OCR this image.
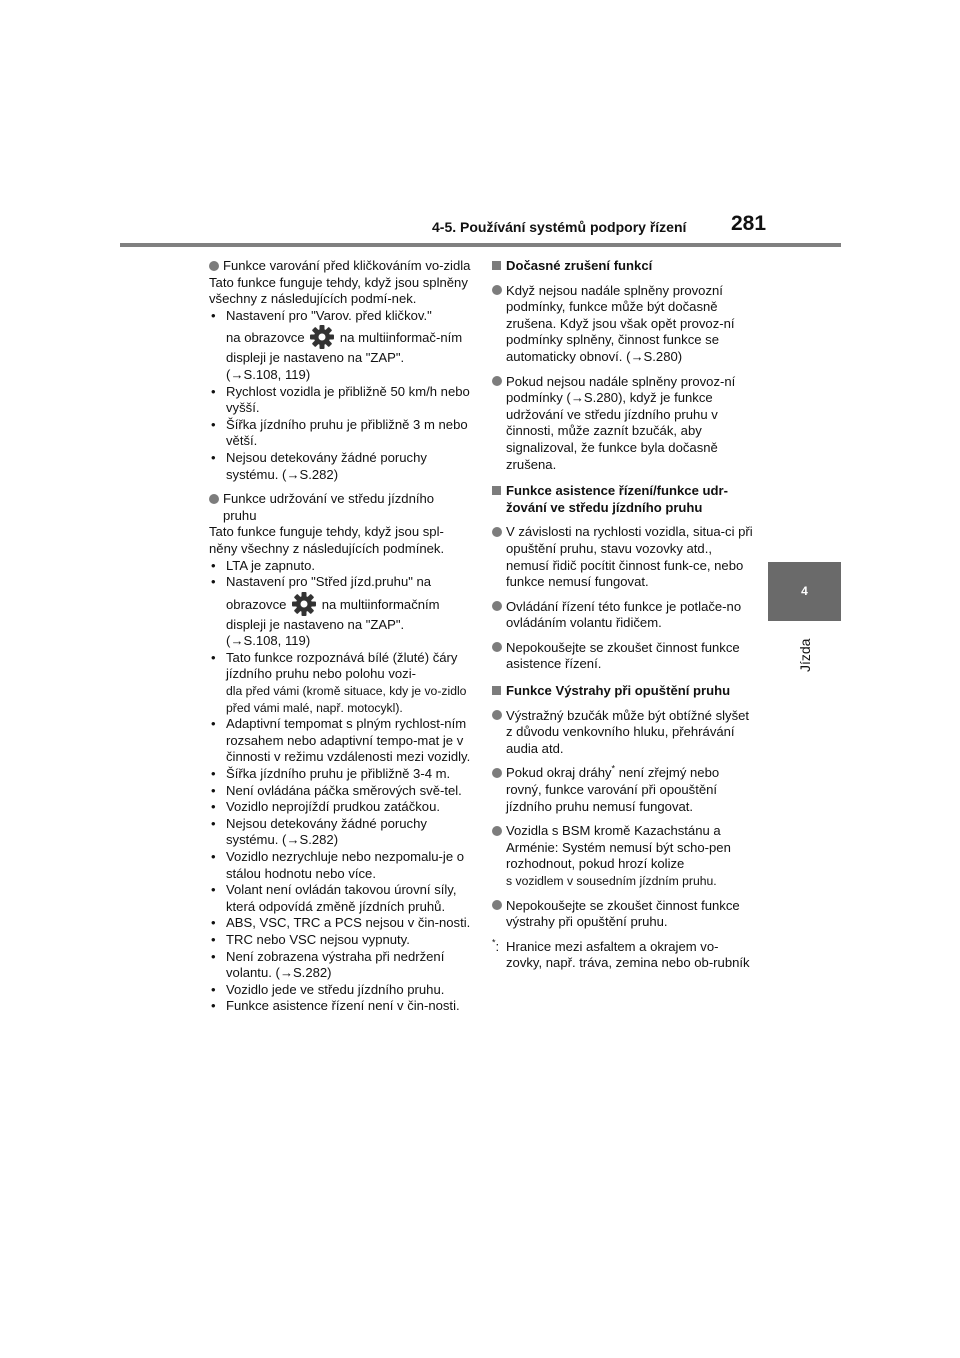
4-5. Používání systémů podpory řízení 281
4
Jízda
Funkce varování před kličkováním vo-zidla

Tato funkce funguje tehdy, když jsou splněny všechny z následujících podmí-nek.

• Nastavení pro "Varov. před kličkov."
na obrazovce	na multiinformač-ním displeji je nastaveno na "ZAP".
(→S.108, 119)
• Rychlost vozidla je přibližně 50 km/h nebo vyšší.
• Šířka jízdního pruhu je přibližně 3 m nebo větší.
• Nejsou detekovány žádné poruchy systému. (→S.282)
Funkce udržování ve středu jízdního pruhu

Tato funkce funguje tehdy, když jsou spl-něny všechny z následujících podmínek.

• LTA je zapnuto.
• Nastavení pro "Střed jízd.pruhu" na
obrazovce	na multiinformačním displeji je nastaveno na "ZAP".
(→S.108, 119)
• Tato funkce rozpoznává bílé (žluté) čáry jízdního pruhu nebo polohu vozi-
dla před vámi (kromě situace, kdy je vo-zidlo před vámi malé, např. motocykl).
• Adaptivní tempomat s plným rychlost-ním rozsahem nebo adaptivní tempo-mat je v činnosti v režimu vzdálenosti mezi vozidly.
• Šířka jízdního pruhu je přibližně 3-4 m.
• Není ovládána páčka směrových svě-tel.
• Vozidlo neprojíždí prudkou zatáčkou.
• Nejsou detekovány žádné poruchy systému. (→S.282)
• Vozidlo nezrychluje nebo nezpomalu-je o stálou hodnotu nebo více.
• Volant není ovládán takovou úrovní síly, která odpovídá změně jízdních pruhů.
• ABS, VSC, TRC a PCS nejsou v čin-nosti.
• TRC nebo VSC nejsou vypnuty.
• Není zobrazena výstraha při nedržení volantu. (→S.282)
• Vozidlo jede ve středu jízdního pruhu.
• Funkce asistence řízení není v čin-nosti.
Dočasné zrušení funkcí
Když nejsou nadále splněny provozní podmínky, funkce může být dočasně zrušena. Když jsou však opět provoz-ní podmínky splněny, činnost funkce se automaticky obnoví. (→S.280)
Pokud nejsou nadále splněny provoz-ní podmínky (→S.280), když je funkce udržování ve středu jízdního pruhu v činnosti, může zaznít bzučák, aby signalizoval, že funkce byla dočasně zrušena.
Funkce asistence řízení/funkce udr-žování ve středu jízdního pruhu
V závislosti na rychlosti vozidla, situa-ci při opuštění pruhu, stavu vozovky atd., nemusí řidič pocítit činnost funk-ce, nebo funkce nemusí fungovat.
Ovládání řízení této funkce je potlače-no ovládáním volantu řidičem.
Nepokoušejte se zkoušet činnost funkce asistence řízení.
Funkce Výstrahy při opuštění pruhu
Výstražný bzučák může být obtížné slyšet z důvodu venkovního hluku, přehrávání audia atd.
Pokud okraj dráhy* není zřejmý nebo rovný, funkce varování při opouštění jízdního pruhu nemusí fungovat.
Vozidla s BSM kromě Kazachstánu a Arménie: Systém nemusí být scho-pen rozhodnout, pokud hrozí kolize
s vozidlem v sousedním jízdním pruhu.
Nepokoušejte se zkoušet činnost funkce výstrahy při opuštění pruhu.
*: Hranice mezi asfaltem a okrajem vo-zovky, např. tráva, zemina nebo ob-rubník
